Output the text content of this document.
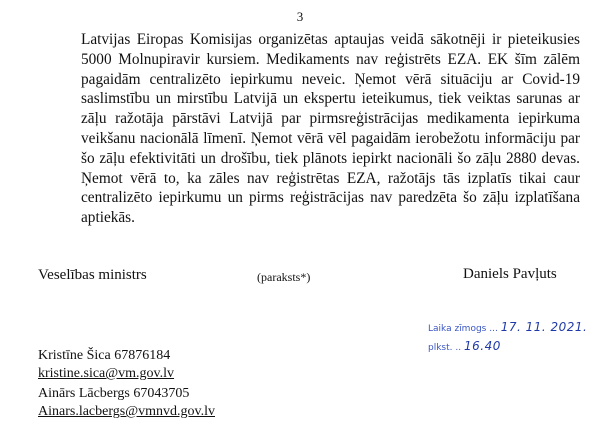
3

Latvijas Eiropas Komisijas organizētas aptaujas veidā sākotnēji ir pieteikusies 5000 Molnupiravir kursiem. Medikaments nav reģistrēts EZA. EK šīm zālēm pagaidām centralizēto iepirkumu neveic. Ņemot vērā situāciju ar Covid-19 saslimstību un mirstību Latvijā un ekspertu ieteikumus, tiek veiktas sarunas ar zāļu ražotāja pārstāvi Latvijā par pirmsreģistrācijas medikamenta iepirkuma veikšanu nacionālā līmenī. Ņemot vērā vēl pagaidām ierobežotu informāciju par šo zāļu efektivitāti un drošību, tiek plānots iepirkt nacionāli šo zāļu 2880 devas. Ņemot vērā to, ka zāles nav reģistrētas EZA, ražotājs tās izplatīs tikai caur centralizēto iepirkumu un pirms reģistrācijas nav paredzēta šo zāļu izplatīšana aptiekās.

Veselības ministrs	(paraksts*)	Daniels Pavļuts
Laika zīmogs ... 17. 11. 2021.
plkst. .. 16.40
Kristīne Šica 67876184
kristine.sica@vm.gov.lv
Ainārs Lācbergs 67043705
Ainars.lacbergs@vmnvd.gov.lv
